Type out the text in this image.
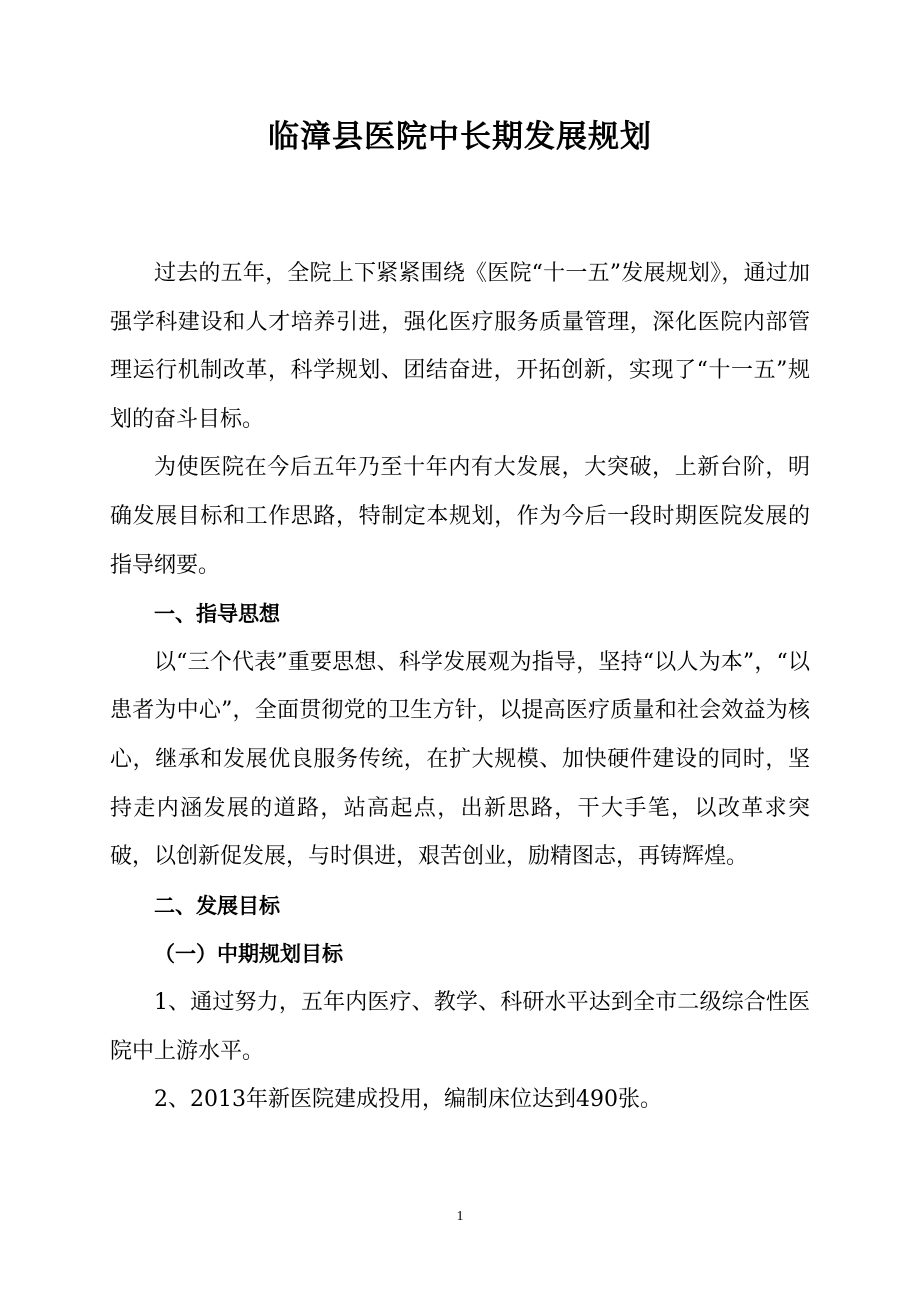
临漳县医院中长期发展规划

过去的五年，全院上下紧紧围绕《医院“十一五”发展规划》，通过加强学科建设和人才培养引进，强化医疗服务质量管理，深化医院内部管理运行机制改革，科学规划、团结奋进，开拓创新，实现了“十一五”规划的奋斗目标。

为使医院在今后五年乃至十年内有大发展，大突破，上新台阶，明确发展目标和工作思路，特制定本规划，作为今后一段时期医院发展的指导纲要。

一、指导思想

以“三个代表”重要思想、科学发展观为指导，坚持“以人为本”，“以患者为中心”，全面贯彻党的卫生方针，以提高医疗质量和社会效益为核心，继承和发展优良服务传统，在扩大规模、加快硬件建设的同时，坚持走内涵发展的道路，站高起点，出新思路，干大手笔，以改革求突破，以创新促发展，与时俱进，艰苦创业，励精图志，再铸辉煌。

二、发展目标
（一）中期规划目标

1、通过努力，五年内医疗、教学、科研水平达到全市二级综合性医院中上游水平。

2、2013年新医院建成投用，编制床位达到490张。

1
